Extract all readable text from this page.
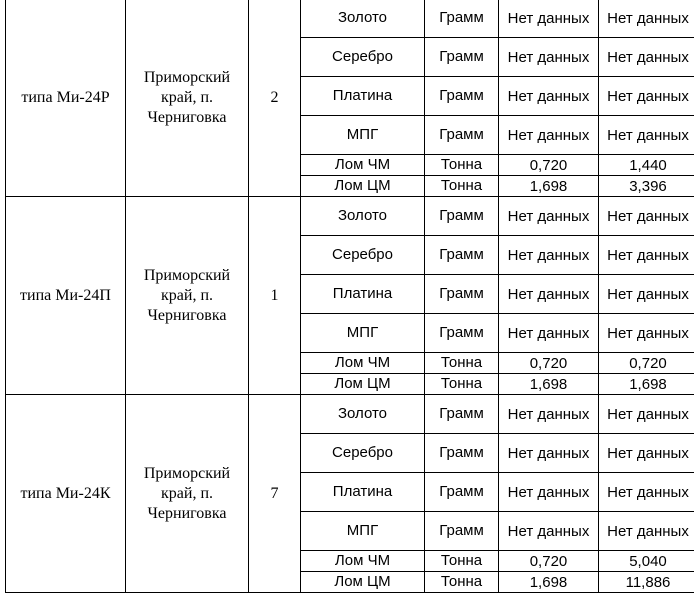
типа Ми-24Р	Приморский край, п. Черниговка	2	Золото	Грамм	Нет данных	Нет данных
			Серебро	Грамм	Нет данных	Нет данных
			Платина	Грамм	Нет данных	Нет данных
			МПГ	Грамм	Нет данных	Нет данных
			Лом ЧМ	Тонна	0,720	1,440
			Лом ЦМ	Тонна	1,698	3,396
типа Ми-24П	Приморский край, п. Черниговка	1	Золото	Грамм	Нет данных	Нет данных
			Серебро	Грамм	Нет данных	Нет данных
			Платина	Грамм	Нет данных	Нет данных
			МПГ	Грамм	Нет данных	Нет данных
			Лом ЧМ	Тонна	0,720	0,720
			Лом ЦМ	Тонна	1,698	1,698
типа Ми-24К	Приморский край, п. Черниговка	7	Золото	Грамм	Нет данных	Нет данных
			Серебро	Грамм	Нет данных	Нет данных
			Платина	Грамм	Нет данных	Нет данных
			МПГ	Грамм	Нет данных	Нет данных
			Лом ЧМ	Тонна	0,720	5,040
			Лом ЦМ	Тонна	1,698	11,886
